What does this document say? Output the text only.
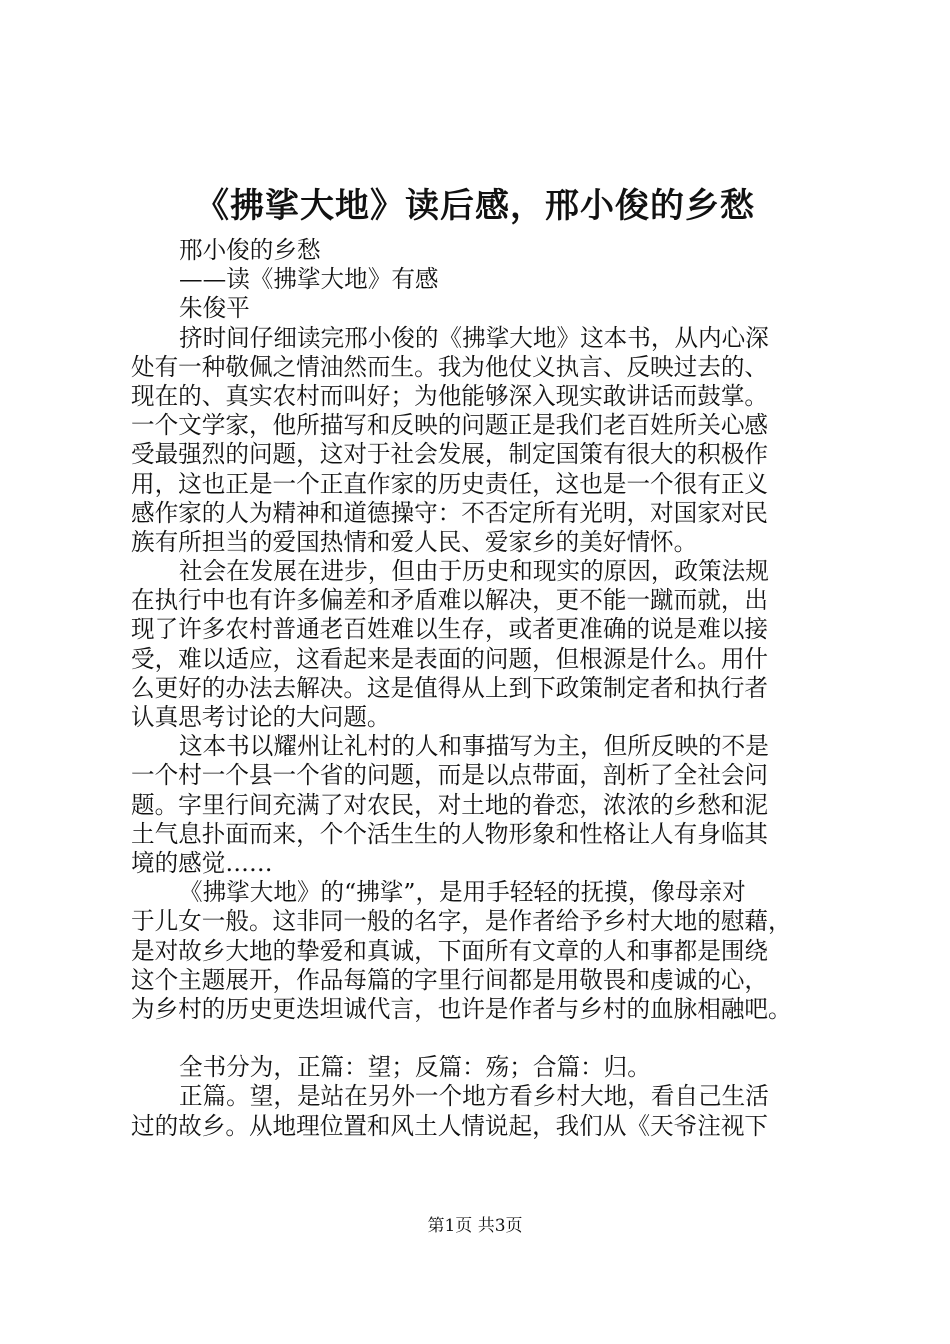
《拂挲大地》读后感，邢小俊的乡愁
邢小俊的乡愁
——读《拂挲大地》有感
朱俊平
挤时间仔细读完邢小俊的《拂挲大地》这本书，从内心深
处有一种敬佩之情油然而生。我为他仗义执言、反映过去的、
现在的、真实农村而叫好；为他能够深入现实敢讲话而鼓掌。
一个文学家，他所描写和反映的问题正是我们老百姓所关心感
受最强烈的问题，这对于社会发展，制定国策有很大的积极作
用，这也正是一个正直作家的历史责任，这也是一个很有正义
感作家的人为精神和道德操守：不否定所有光明，对国家对民
族有所担当的爱国热情和爱人民、爱家乡的美好情怀。
社会在发展在进步，但由于历史和现实的原因，政策法规
在执行中也有许多偏差和矛盾难以解决，更不能一蹴而就，出
现了许多农村普通老百姓难以生存，或者更准确的说是难以接
受，难以适应，这看起来是表面的问题，但根源是什么。用什
么更好的办法去解决。这是值得从上到下政策制定者和执行者
认真思考讨论的大问题。
这本书以耀州让礼村的人和事描写为主，但所反映的不是
一个村一个县一个省的问题，而是以点带面，剖析了全社会问
题。字里行间充满了对农民，对土地的眷恋，浓浓的乡愁和泥
土气息扑面而来，个个活生生的人物形象和性格让人有身临其
境的感觉……
《拂挲大地》的“拂挲”，是用手轻轻的抚摸，像母亲对
于儿女一般。这非同一般的名字，是作者给予乡村大地的慰藉，
是对故乡大地的挚爱和真诚，下面所有文章的人和事都是围绕
这个主题展开，作品每篇的字里行间都是用敬畏和虔诚的心，
为乡村的历史更迭坦诚代言，也许是作者与乡村的血脉相融吧。
全书分为，正篇：望；反篇：殇；合篇：归。
正篇。望，是站在另外一个地方看乡村大地，看自己生活
过的故乡。从地理位置和风土人情说起，我们从《天爷注视下
第1页 共3页
